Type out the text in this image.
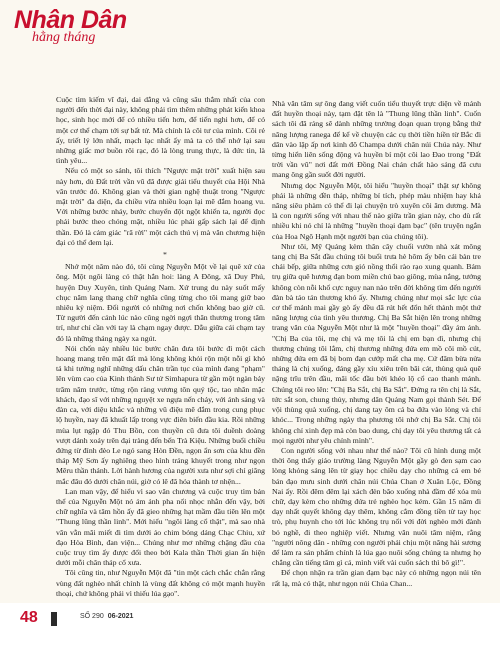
Nhân Dân
hằng tháng

Cuộc tìm kiếm vĩ đại, dai dẳng và cũng sâu thẳm nhất của con người đến thời đại này, không phải tìm thêm những phát kiến khoa học, sinh học mới để có nhiều tiến hơn, để tiến nghi hơn, để có một cơ thể chạm tới sự bất tử. Mà chính là cõi tư của mình. Cõi rẻ ấy, triết lý lớn nhất, mạch lạc nhất ấy mà ta có thể nhớ lại sau những giấc mơ buồn rõi rạc, đó là lòng trung thực, là đức tin, là tình yêu...

Nếu có một so sánh, tôi thích "Ngược mặt trời" xuất hiện sau này hơn, dù Đất trời vần vũ đã được giải tiểu thuyết của Hội Nhà văn trước đó. Không gian và thời gian nghệ thuật trong "Ngược mặt trời" đa diện, đa chiều vừa nhiều loạn lại mê đắm hoang vu. Với những bước nhảy, bước chuyển đột ngột khiến ta, người đọc phải bước theo chóng mặt, nhiều lúc phải gấp sách lại để định thần. Đó là cảm giác "rã rời" một cách thú vị mà văn chương hiện đại có thể đem lại.

*

Nhớ một năm nào đó, tôi cùng Nguyễn Một về lại quê xứ của ông. Một ngôi làng có thật hẳn hoi: làng A Đông, xã Duy Phú, huyện Duy Xuyên, tỉnh Quảng Nam. Xứ trung du này suốt mấy chục năm lang thang chữ nghĩa cũng từng cho tôi mang giữ bao nhiêu kỷ niệm. Đối người có những nơi chốn không bao giờ cũ. Từ người đến cảnh lúc nào cũng ngời ngợi thân thương trong tâm trí, như chỉ cần với tay là chạm ngay được. Dẫu giữa cái chạm tay đó là những tháng ngày xa ngút.

Nói chốn này nhiều lúc bước chân đưa tôi bước đi một cách hoang mang trên mặt đất mà lòng không khỏi rộn một nỗi gì khó tả khi tưởng nghĩ những dấu chân trần tục của mình đang "phạm" lên vùm cao của Kinh thánh Sư tử Simhapura từ gần một ngàn bảy trăm năm trước, từng rộn ràng vương tôn quý tộc, tao nhân mặc khách, đạo sĩ với những nguyệt xe ngựa nến chảy, với ánh sáng và đàn ca, với diệu khắc và những vũ điệu mê đắm trong cung phục lộ huyền, nay đã khuất lấp trong vực điên biển đầu kia. Rồi những mùa lụt ngập đó Thu Bồn, con thuyền cũ đưa tôi duềnh doàng vượt dảnh xoáy trên đại tràng đến bến Trà Kiệu. Những buổi chiều đứng từ đỉnh đèo Le ngó sang Hòn Đền, ngọn ẩn sơn của khu đền tháp Mỹ Sơn ấy nghiêng theo hình tráng khuyết trong như ngọn Mêru thần thánh. Lời hành hương của người xưa như sợi chỉ giăng mắc đâu đó dưới chân núi, giờ có lẽ đã hóa thành tơ nhện...

Lan man vậy, để hiểu vì sao văn chương và cuộc truy tìm bản thể của Nguyễn Một nó ám ảnh pha nổi nhọc nhằn đến vậy, bởi chữ nghĩa và tâm hồn ấy đã gieo những hạt mầm đầu tiên lên một "Thung lũng thần linh". Mới hiểu "ngôi làng cổ thật", mà sao nhà văn vẫn mãi miết đi tìm dưới ảo chim bóng dáng Chạc Chiu, xứ đạo Hòa Bình, đan viện... Chúng như mơ những chặng đầu của cuộc truy tìm ấy được đổi theo bởi Kala thần Thời gian ẩn hiện dưới mỗi chân tháp cổ xưa.

Tôi cũng tin, như Nguyễn Một đã "tin một cách chắc chắn rằng vùng đất nghèo nhất chính là vùng đất không có một mạnh huyền thoại, chứ không phải vì thiếu lúa gạo".

Nhà văn tâm sự ông đang viết cuốn tiểu thuyết trực diện về mảnh đất huyền thoại này, tạm đặt tên là "Thung lũng thần linh". Cuốn sách tôi đã rảng sẽ dành những trường đoạn quan trọng bằng thứ năng lượng ranega để kể về chuyện các cụ thời tiền hiền từ Bắc đi dân vào lập ấp nơi kinh đô Champa dưới chân núi Chúa này. Như từng hiển liên sống động và huyền bí một cõi lao Đao trong "Đất trời vần vũ" nơi đất mới Đồng Nai chán chất hào sảng đã cưu mang ông gần suốt đời người.

Nhưng dọc Nguyễn Một, tôi hiểu "huyền thoại" thật sự không phải là những đền tháp, những bí tích, phép màu nhiệm hay khả năng siêu phàm có thể đi lại chuyện trò xuyên cõi âm dương. Mà là con người sống với nhau thế nào giữa trần gian này, cho dù rất nhiều khi nó chỉ là những "huyền thoại đạm bạc" (tên truyện ngắn của Hoa Ngô Hạnh một người bạn của chúng tôi).

Như tôi, Mỹ Quảng kèm thân cây chuối vườn nhà xát mông tang chị Ba Sắt đầu chúng tôi buổi trưa hè hôm ấy bên cái bàn tre chái bếp, giữa những cơn gió nồng thổi rào rạo xung quanh. Bám trụ giữa quê hương đạn bom miền chú bao giông, mùa nắng, tưởng không còn nỗi khổ cực nguy nan nào trên đời không tìm đến người đàn bà táo tán thương khó ấy. Nhưng chúng như mọi sắc lực của cơ thể mảnh mai gầy gò ấy đều đã rút hết đổn hết thành một thứ năng lượng của tình yêu thương. Chị Ba Sắt hiện lên trong những trang văn của Nguyễn Một như là một "huyền thoại" đầy ám ảnh. "Chị Ba của tôi, mẹ chị và mẹ tôi là chị em bạn dì, nhưng chị thương chúng tôi lắm, chị thương những đứa em mồ côi mồ cút, những đứa em đã bị bom đạn cướp mất cha mẹ. Cứ đâm bừa nửa tháng là chị xuống, đáng gầy xíu xiêu trên bãi cát, thùng quà quê nặng trĩu trên đầu, mãi tốc đầu bời khéo lộ cổ cao thanh mảnh. Chúng tôi reo lên: "Chị Ba Sắt, chị Ba Sắt". Đứng ra tên chị là Sắt, tức sắt son, chung thủy, nhưng dân Quảng Nam gọi thành Sét. Để vội thùng quà xuống, chị dang tay ôm cả ba đứa vào lòng và chỉ khóc... Trong những ngày tha phương tôi nhớ chị Ba Sắt. Chị tôi không chỉ xinh đẹp mà còn bao dung, chị dạy tôi yêu thương tất cả mọi người như yêu chính mình".

Con người sống với nhau như thế nào? Tôi cũ hình dung một thời ông thấy giáo trường làng Nguyễn Một gầy gò đen sạm cao lòng khỏng sáng lên từ giạy học chiều dạy cho những cả em bé bán đạo mưu sinh dưới chân núi Chúa Chan ở Xuân Lộc, Đồng Nai ấy. Rồi đêm đêm lại xách đèn bão xuống nhà đầm để xóa mù chữ, dạy kèm cho những đứa trẻ nghèo học kém. Gần 15 năm đi dạy nhất quyết không dạy thêm, không cắm đồng tiền từ tay học trò, phụ huynh cho tới lúc không trụ nổi với đời nghèo mới đành bỏ nghề, đi theo nghiệp viết. Nhưng văn nuôi tâm niệm, rằng "người nông dân - những con người phải chịu một năng hài sương để làm ra sản phẩm chính là lúa gạo nuôi sống chúng ta nhưng họ chẳng cần tiếng tăm gì cả, mình viết vài cuốn sách thì bõ gì!".

Để chọn nhận ra trần gian đạm bạc này có những ngọn núi tên rất lạ, mà có thật, như ngọn núi Chúa Chan...

48	SỐ 290 06-2021
